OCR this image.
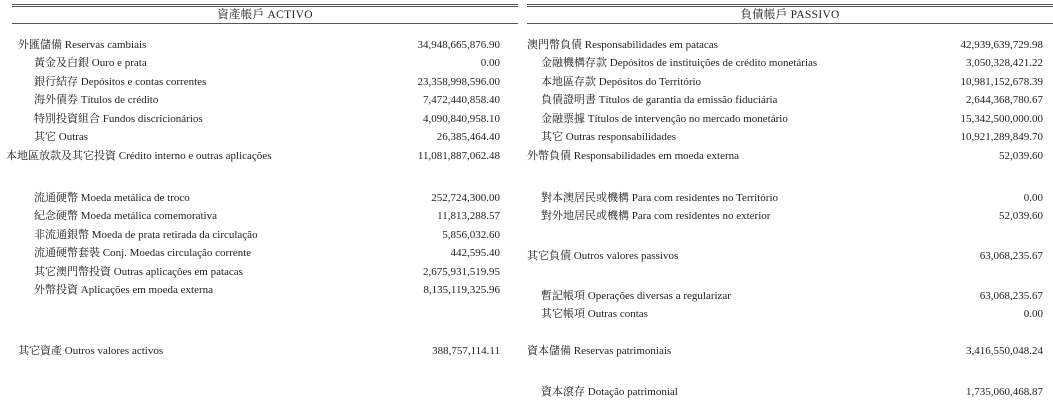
資產帳戶 ACTIVO	負債帳戶 PASSIVO
外匯儲備 Reservas cambiais	34,948,665,876.90
黃金及白銀 Ouro e prata	0.00
銀行結存 Depósitos e contas correntes	23,358,998,596.00
海外債券 Títulos de crédito	7,472,440,858.40
特別投資組合 Fundos discricionários	4,090,840,958.10
其它 Outras	26,385,464.40
本地區放款及其它投資 Crédito interno e outras aplicações	11,081,887,062.48
流通硬幣 Moeda metálica de troco	252,724,300.00
紀念硬幣 Moeda metálica comemorativa	11,813,288.57
非流通銀幣 Moeda de prata retirada da circulação	5,856,032.60
流通硬幣套裝 Conj. Moedas circulação corrente	442,595.40
其它澳門幣投資 Outras aplicações em patacas	2,675,931,519.95
外幣投資 Aplicações em moeda externa	8,135,119,325.96
其它資產 Outros valores activos	388,757,114.11
澳門幣負債 Responsabilidades em patacas	42,939,639,729.98
金融機構存款 Depósitos de instituições de crédito monetárias	3,050,328,421.22
本地區存款 Depósitos do Território	10,981,152,678.39
負債證明書 Títulos de garantia da emissão fiduciária	2,644,368,780.67
金融票據 Títulos de intervenção no mercado monetário	15,342,500,000.00
其它 Outras responsabilidades	10,921,289,849.70
外幣負債 Responsabilidades em moeda externa	52,039.60
對本澳居民或機構 Para com residentes no Território	0.00
對外地居民或機構 Para com residentes no exterior	52,039.60
其它負債 Outros valores passivos	63,068,235.67
暫記帳項 Operações diversas a regularizar	63,068,235.67
其它帳項 Outras contas	0.00
資本儲備 Reservas patrimoniais	3,416,550,048.24
資本滾存 Dotação patrimonial	1,735,060,468.87
